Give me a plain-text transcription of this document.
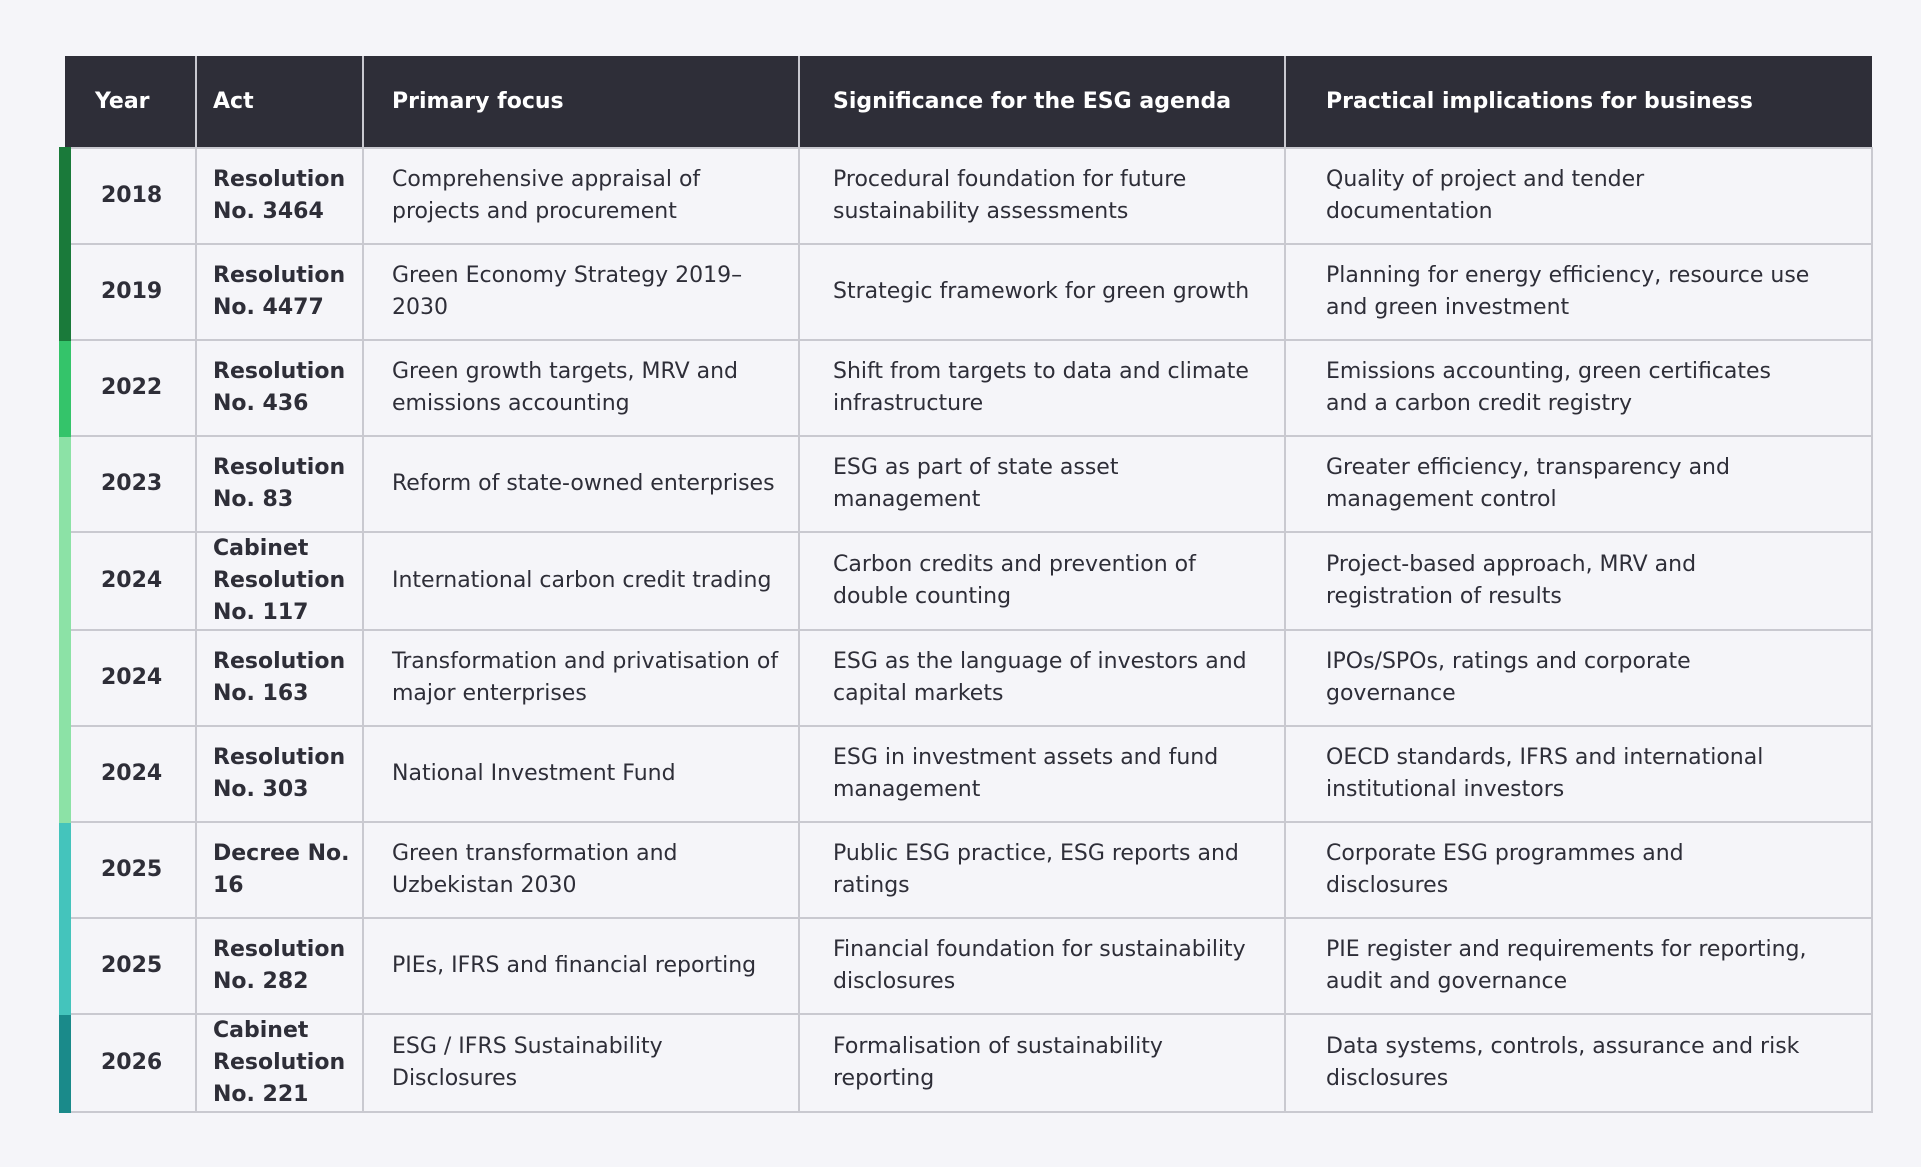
Year	Act	Primary focus	Significance for the ESG agenda	Practical implications for business
2018	Resolution No. 3464	Comprehensive appraisal of projects and procurement	Procedural foundation for future sustainability assessments	Quality of project and tender documentation
2019	Resolution No. 4477	Green Economy Strategy 2019–2030	Strategic framework for green growth	Planning for energy efficiency, resource use and green investment
2022	Resolution No. 436	Green growth targets, MRV and emissions accounting	Shift from targets to data and climate infrastructure	Emissions accounting, green certificates and a carbon credit registry
2023	Resolution No. 83	Reform of state-owned enterprises	ESG as part of state asset management	Greater efficiency, transparency and management control
2024	Cabinet Resolution No. 117	International carbon credit trading	Carbon credits and prevention of double counting	Project-based approach, MRV and registration of results
2024	Resolution No. 163	Transformation and privatisation of major enterprises	ESG as the language of investors and capital markets	IPOs/SPOs, ratings and corporate governance
2024	Resolution No. 303	National Investment Fund	ESG in investment assets and fund management	OECD standards, IFRS and international institutional investors
2025	Decree No. 16	Green transformation and Uzbekistan 2030	Public ESG practice, ESG reports and ratings	Corporate ESG programmes and disclosures
2025	Resolution No. 282	PIEs, IFRS and financial reporting	Financial foundation for sustainability disclosures	PIE register and requirements for reporting, audit and governance
2026	Cabinet Resolution No. 221	ESG / IFRS Sustainability Disclosures	Formalisation of sustainability reporting	Data systems, controls, assurance and risk disclosures
